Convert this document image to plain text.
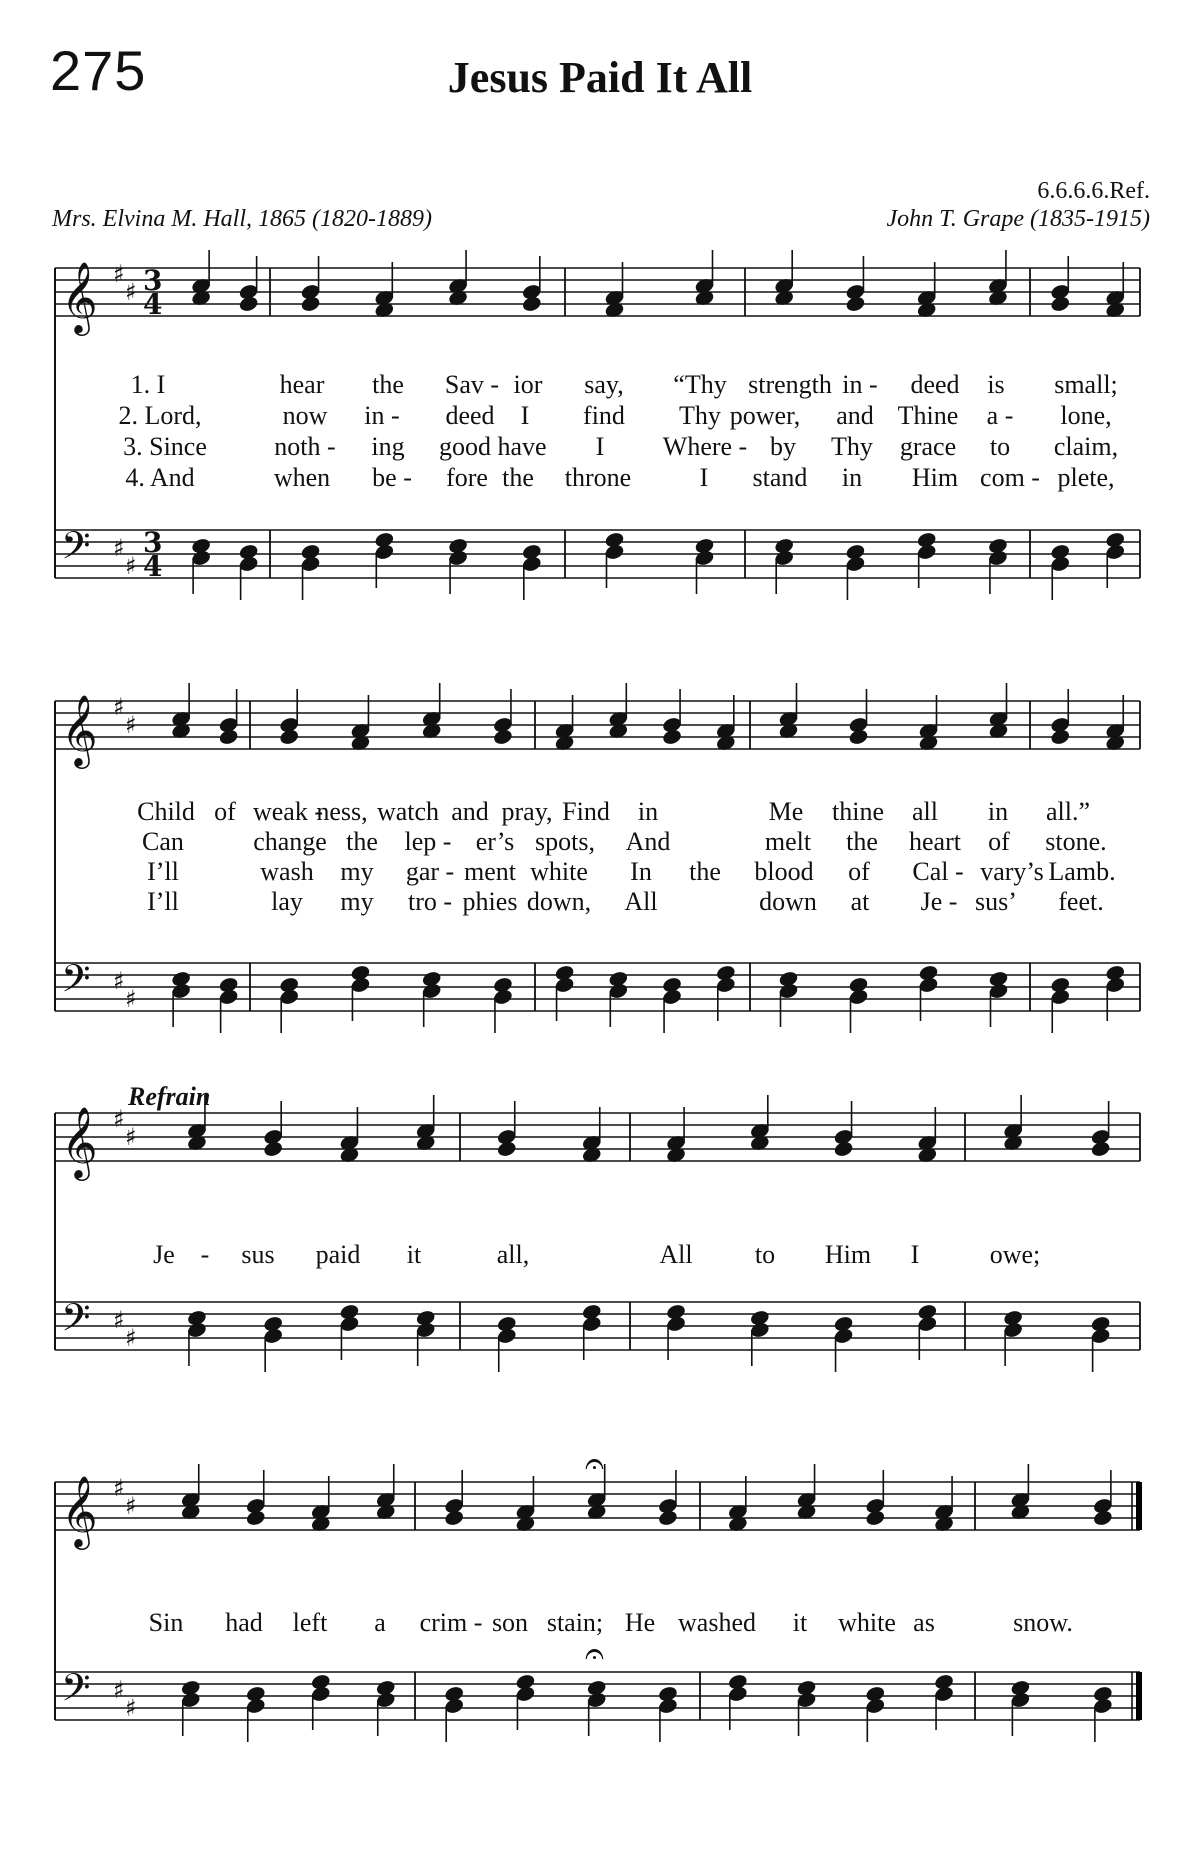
275	Jesus Paid It All
6.6.6.6.Ref.
Mrs. Elvina M. Hall, 1865 (1820-1889)	John T. Grape (1835-1915)
Refrain
𝄞 ♯
♯ 3
4
𝄢 ♯
♯
3
4
𝄞 ♯
♯
𝄢 ♯
♯
𝄞 ♯
♯
𝄢 ♯
♯
𝄞 ♯
♯
𝄢 ♯
♯
𝄐
𝄐
1. I	hear the Sav - ior say, “Thy strength in - deed is small;
2. Lord,	now in - deed I find Thy power, and Thine a - lone,
3. Since	noth - ing good have I Where - by Thy grace to claim,
4. And	when be - fore the throne	I stand in Him com - plete,
Child of weak -
ness, watch and pray, Find in	Me thine all in all.”
Can	change the lep - er’s spots, And	melt the heart of stone.
I’ll	wash my gar - ment white In the blood of Cal - vary’s Lamb.
I’ll	lay my tro - phies down, All	down at Je - sus’ feet.
Je - sus paid it	all,	All to Him I	owe;
Sin had left a crim - son stain; He washed it white as	snow.
